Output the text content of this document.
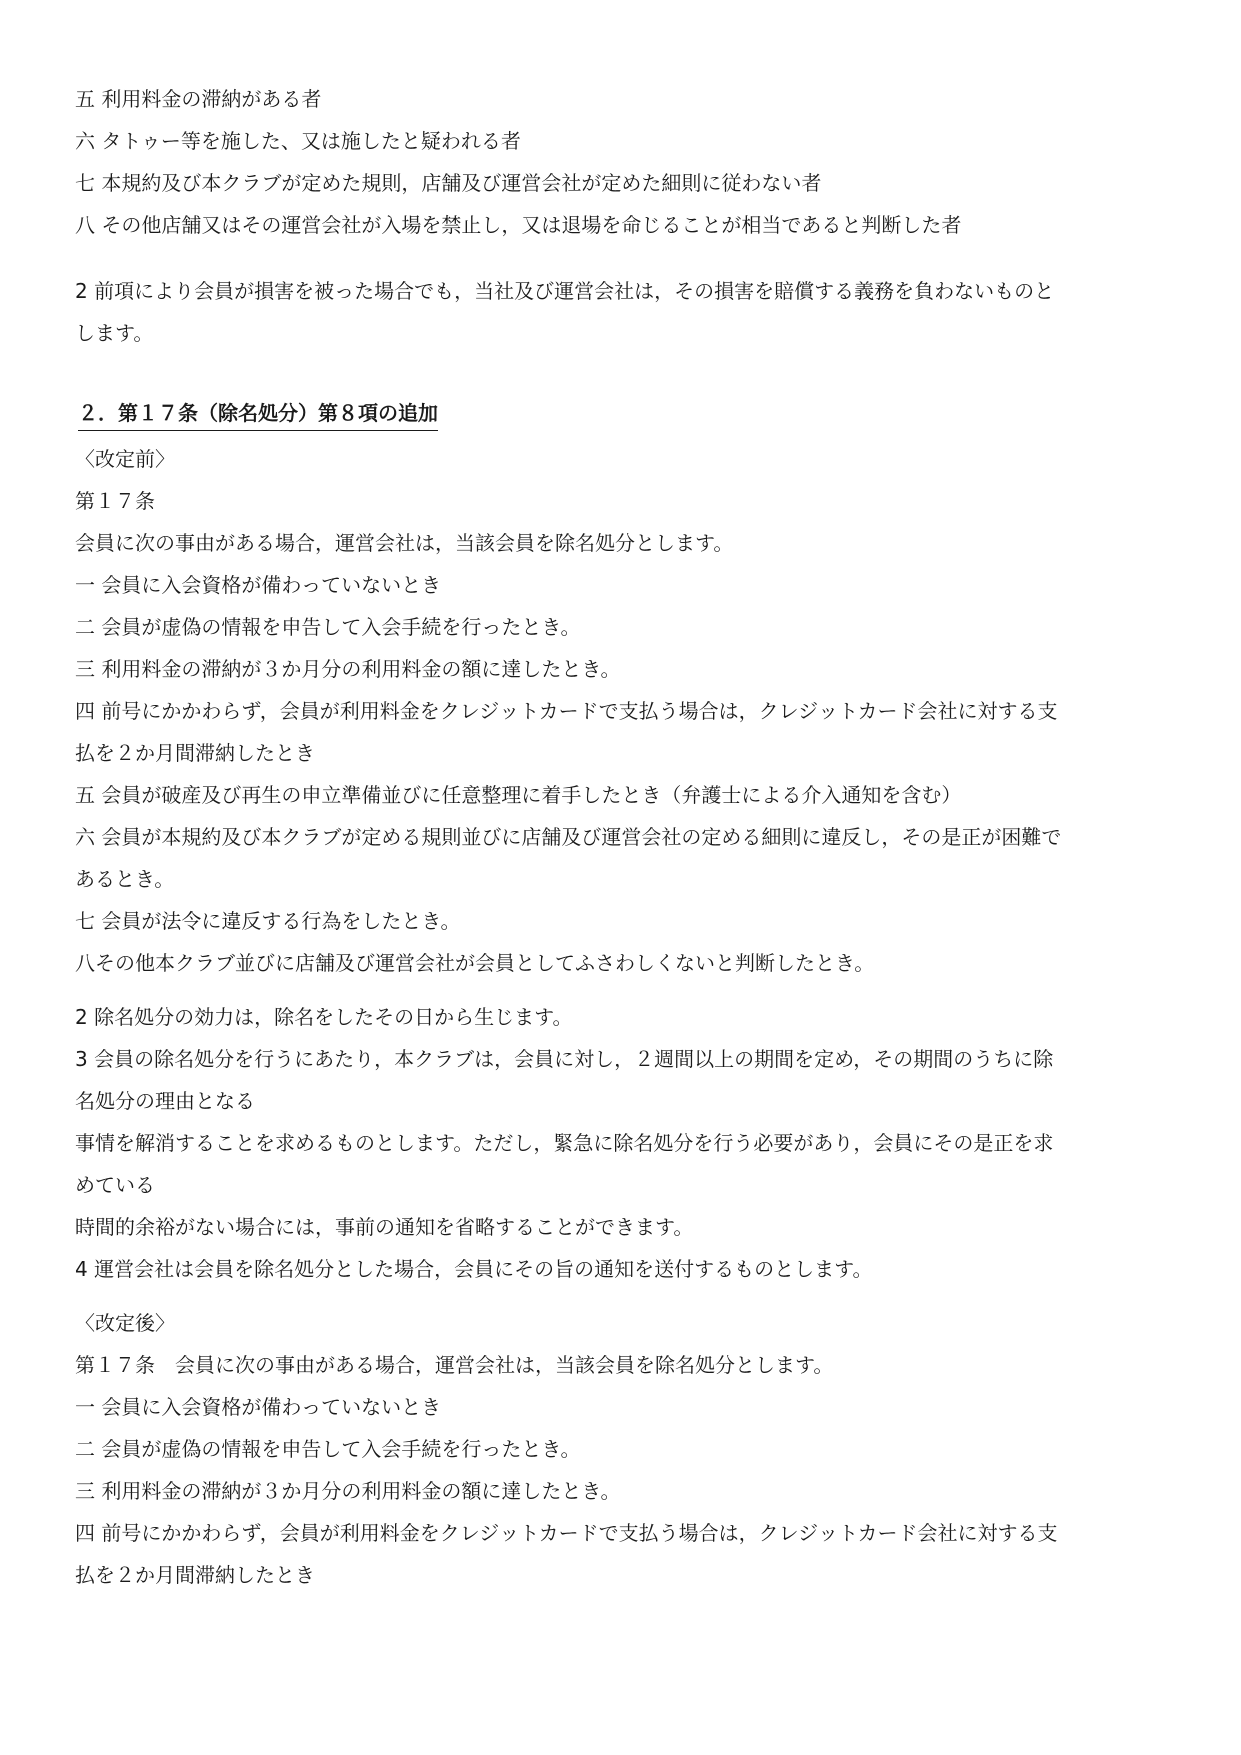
五 利用料金の滞納がある者
六 タトゥー等を施した、又は施したと疑われる者
七 本規約及び本クラブが定めた規則，店舗及び運営会社が定めた細則に従わない者
八 その他店舗又はその運営会社が入場を禁止し，又は退場を命じることが相当であると判断した者
2 前項により会員が損害を被った場合でも，当社及び運営会社は，その損害を賠償する義務を負わないものと
します。
２．第１７条（除名処分）第８項の追加
〈改定前〉
第１７条
会員に次の事由がある場合，運営会社は，当該会員を除名処分とします。
一 会員に入会資格が備わっていないとき
二 会員が虚偽の情報を申告して入会手続を行ったとき。
三 利用料金の滞納が３か月分の利用料金の額に達したとき。
四 前号にかかわらず，会員が利用料金をクレジットカードで支払う場合は，クレジットカード会社に対する支
払を２か月間滞納したとき
五 会員が破産及び再生の申立準備並びに任意整理に着手したとき（弁護士による介入通知を含む）
六 会員が本規約及び本クラブが定める規則並びに店舗及び運営会社の定める細則に違反し，その是正が困難で
あるとき。
七 会員が法令に違反する行為をしたとき。
八その他本クラブ並びに店舗及び運営会社が会員としてふさわしくないと判断したとき。
2 除名処分の効力は，除名をしたその日から生じます。
3 会員の除名処分を行うにあたり，本クラブは，会員に対し，２週間以上の期間を定め，その期間のうちに除
名処分の理由となる
事情を解消することを求めるものとします。ただし，緊急に除名処分を行う必要があり，会員にその是正を求
めている
時間的余裕がない場合には，事前の通知を省略することができます。
4 運営会社は会員を除名処分とした場合，会員にその旨の通知を送付するものとします。
〈改定後〉
第１７条　会員に次の事由がある場合，運営会社は，当該会員を除名処分とします。
一 会員に入会資格が備わっていないとき
二 会員が虚偽の情報を申告して入会手続を行ったとき。
三 利用料金の滞納が３か月分の利用料金の額に達したとき。
四 前号にかかわらず，会員が利用料金をクレジットカードで支払う場合は，クレジットカード会社に対する支
払を２か月間滞納したとき
